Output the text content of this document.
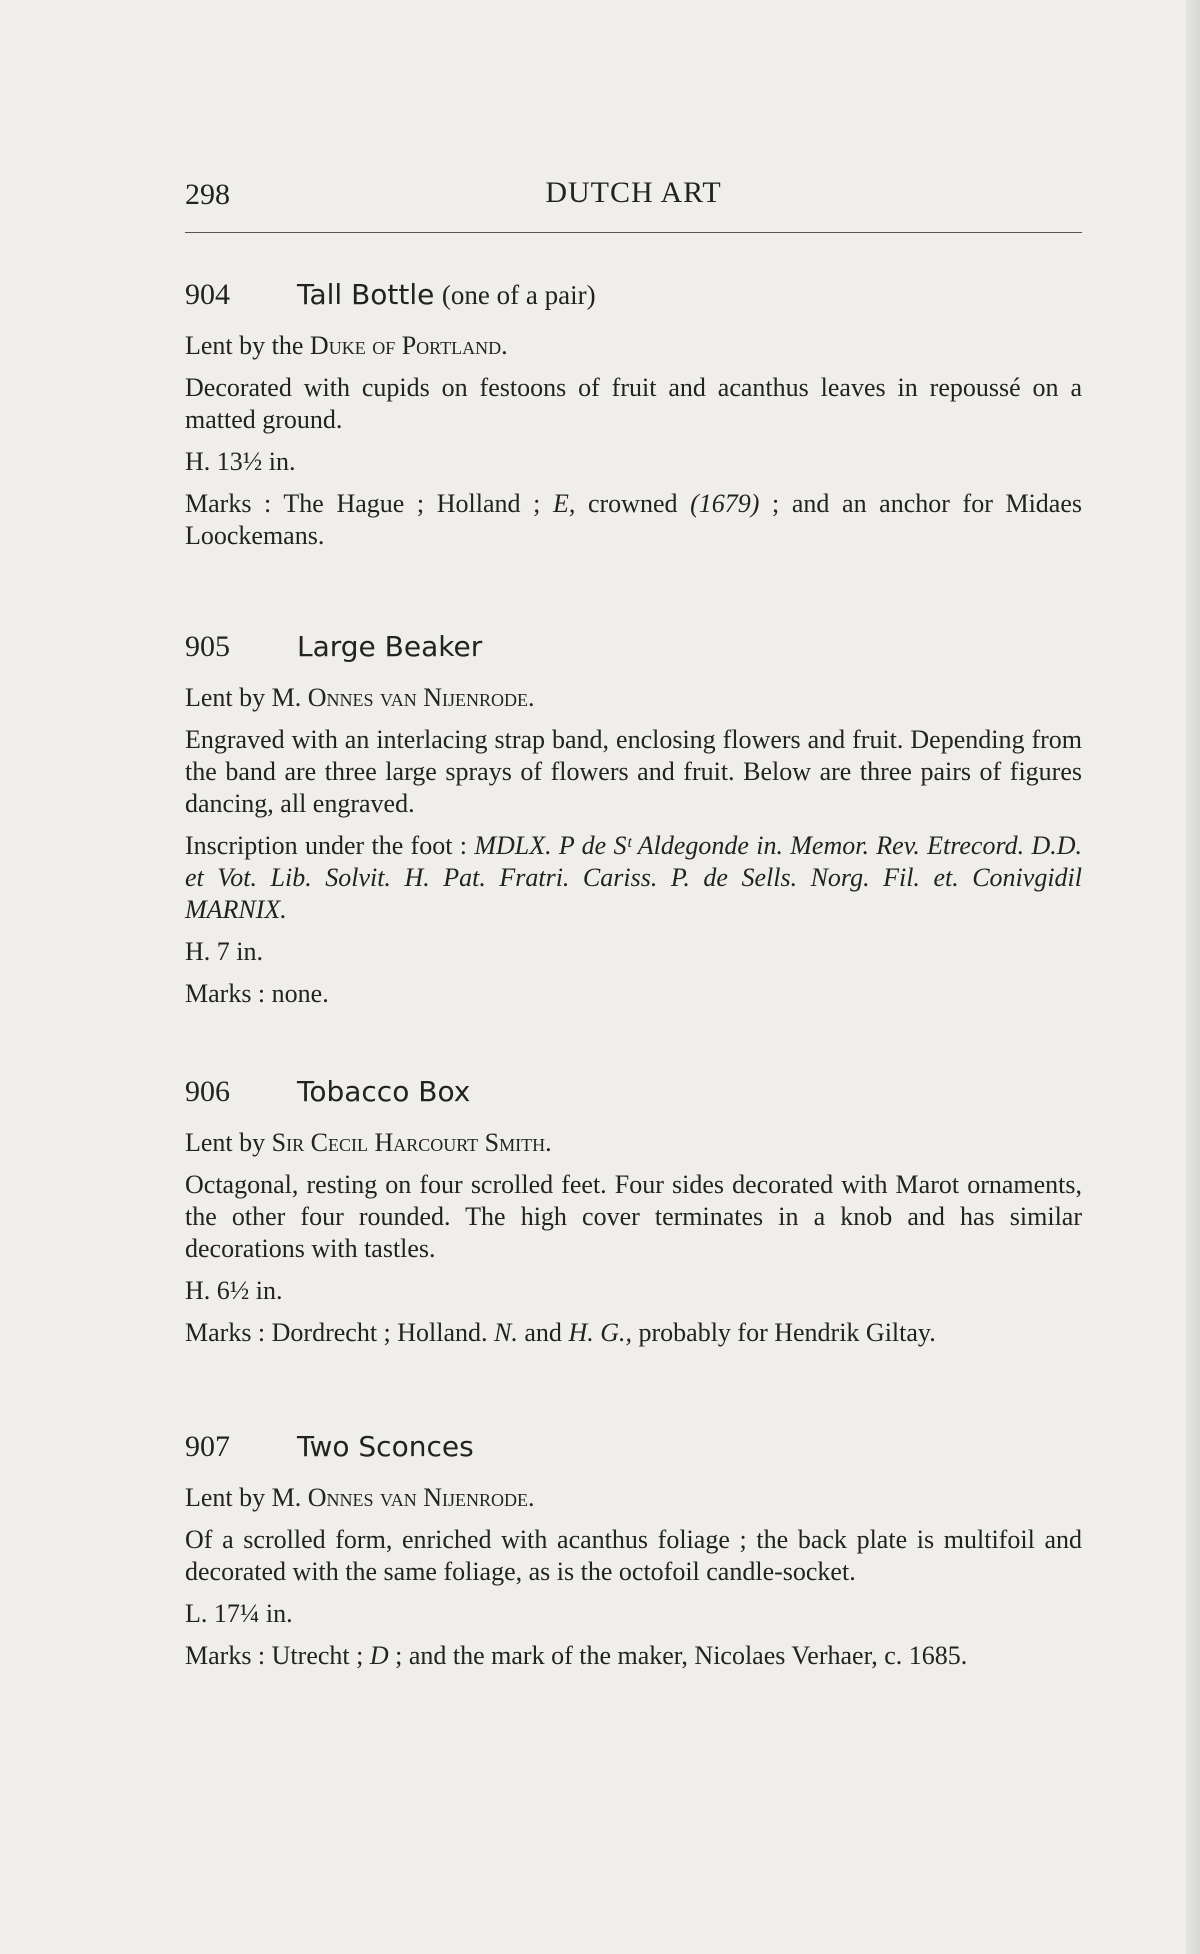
298	DUTCH ART
904 Tall Bottle (one of a pair)
Lent by the Duke of Portland.
Decorated with cupids on festoons of fruit and acanthus leaves in repoussé on a matted ground.
H. 13½ in.
Marks : The Hague ; Holland ; E, crowned (1679) ; and an anchor for Midaes Loockemans.
905 Large Beaker
Lent by M. Onnes van Nijenrode.
Engraved with an interlacing strap band, enclosing flowers and fruit. Depending from the band are three large sprays of flowers and fruit. Below are three pairs of figures dancing, all engraved.
Inscription under the foot : MDLX. P de Sᵗ Aldegonde in. Memor. Rev. Etrecord. D.D. et Vot. Lib. Solvit. H. Pat. Fratri. Cariss. P. de Sells. Norg. Fil. et. Conivgidil MARNIX.
H. 7 in.
Marks : none.
906 Tobacco Box
Lent by Sir Cecil Harcourt Smith.
Octagonal, resting on four scrolled feet. Four sides decorated with Marot ornaments, the other four rounded. The high cover terminates in a knob and has similar decorations with tastles.
H. 6½ in.
Marks : Dordrecht ; Holland. N. and H. G., probably for Hendrik Giltay.
907 Two Sconces
Lent by M. Onnes van Nijenrode.
Of a scrolled form, enriched with acanthus foliage ; the back plate is multifoil and decorated with the same foliage, as is the octofoil candle-socket.
L. 17¼ in.
Marks : Utrecht ; D ; and the mark of the maker, Nicolaes Verhaer, c. 1685.
